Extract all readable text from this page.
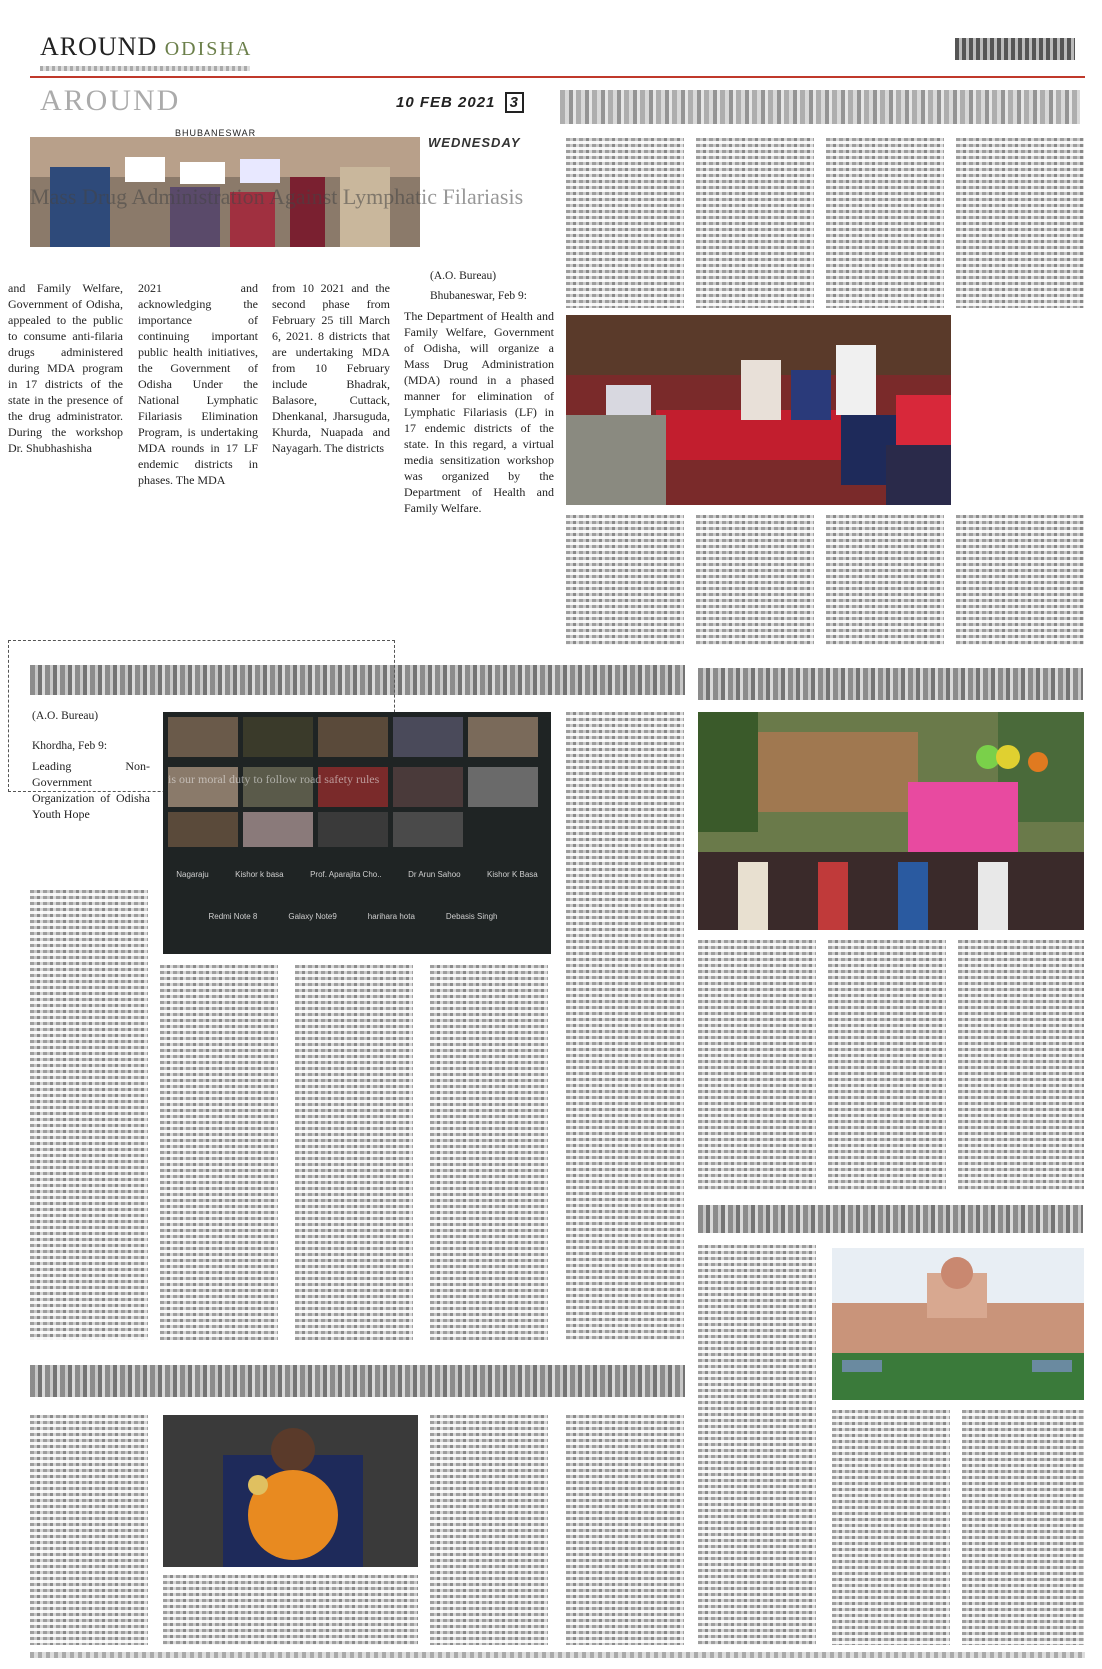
AROUND ODISHA
AROUND	10 FEB 2021 3
WEDNESDAY
BHUBANESWAR
Mass Drug Administration Against Lymphatic Filariasis
and Family Welfare, Government of Odisha, appealed to the public to consume anti-filaria drugs administered during MDA program in 17 districts of the state in the presence of the drug administrator. During the workshop Dr. Shubhashisha
2021 and acknowledging the importance of continuing important public health initiatives, the Government of Odisha Under the National Lymphatic Filariasis Elimination Program, is undertaking MDA rounds in 17 LF endemic districts in phases. The MDA
from 10 2021 and the second phase from February 25 till March 6, 2021. 8 districts that are undertaking MDA from 10 February include Bhadrak, Balasore, Cuttack, Dhenkanal, Jharsuguda, Khurda, Nuapada and Nayagarh. The districts
(A.O. Bureau)
Bhubaneswar, Feb 9:
The Department of Health and Family Welfare, Government of Odisha, will organize a Mass Drug Administration (MDA) round in a phased manner for elimination of Lymphatic Filariasis (LF) in 17 endemic districts of the state. In this regard, a virtual media sensitization workshop was organized by the Department of Health and Family Welfare.
(A.O. Bureau)
Khordha, Feb 9:
Leading Non-Government Organization of Odisha Youth Hope
is our moral duty to follow road safety rules
Nagaraju	Kishor k basa	Prof. Aparajita Cho..	Dr Arun Sahoo	Kishor K Basa
Redmi Note 8	Galaxy Note9	harihara hota	Debasis Singh
